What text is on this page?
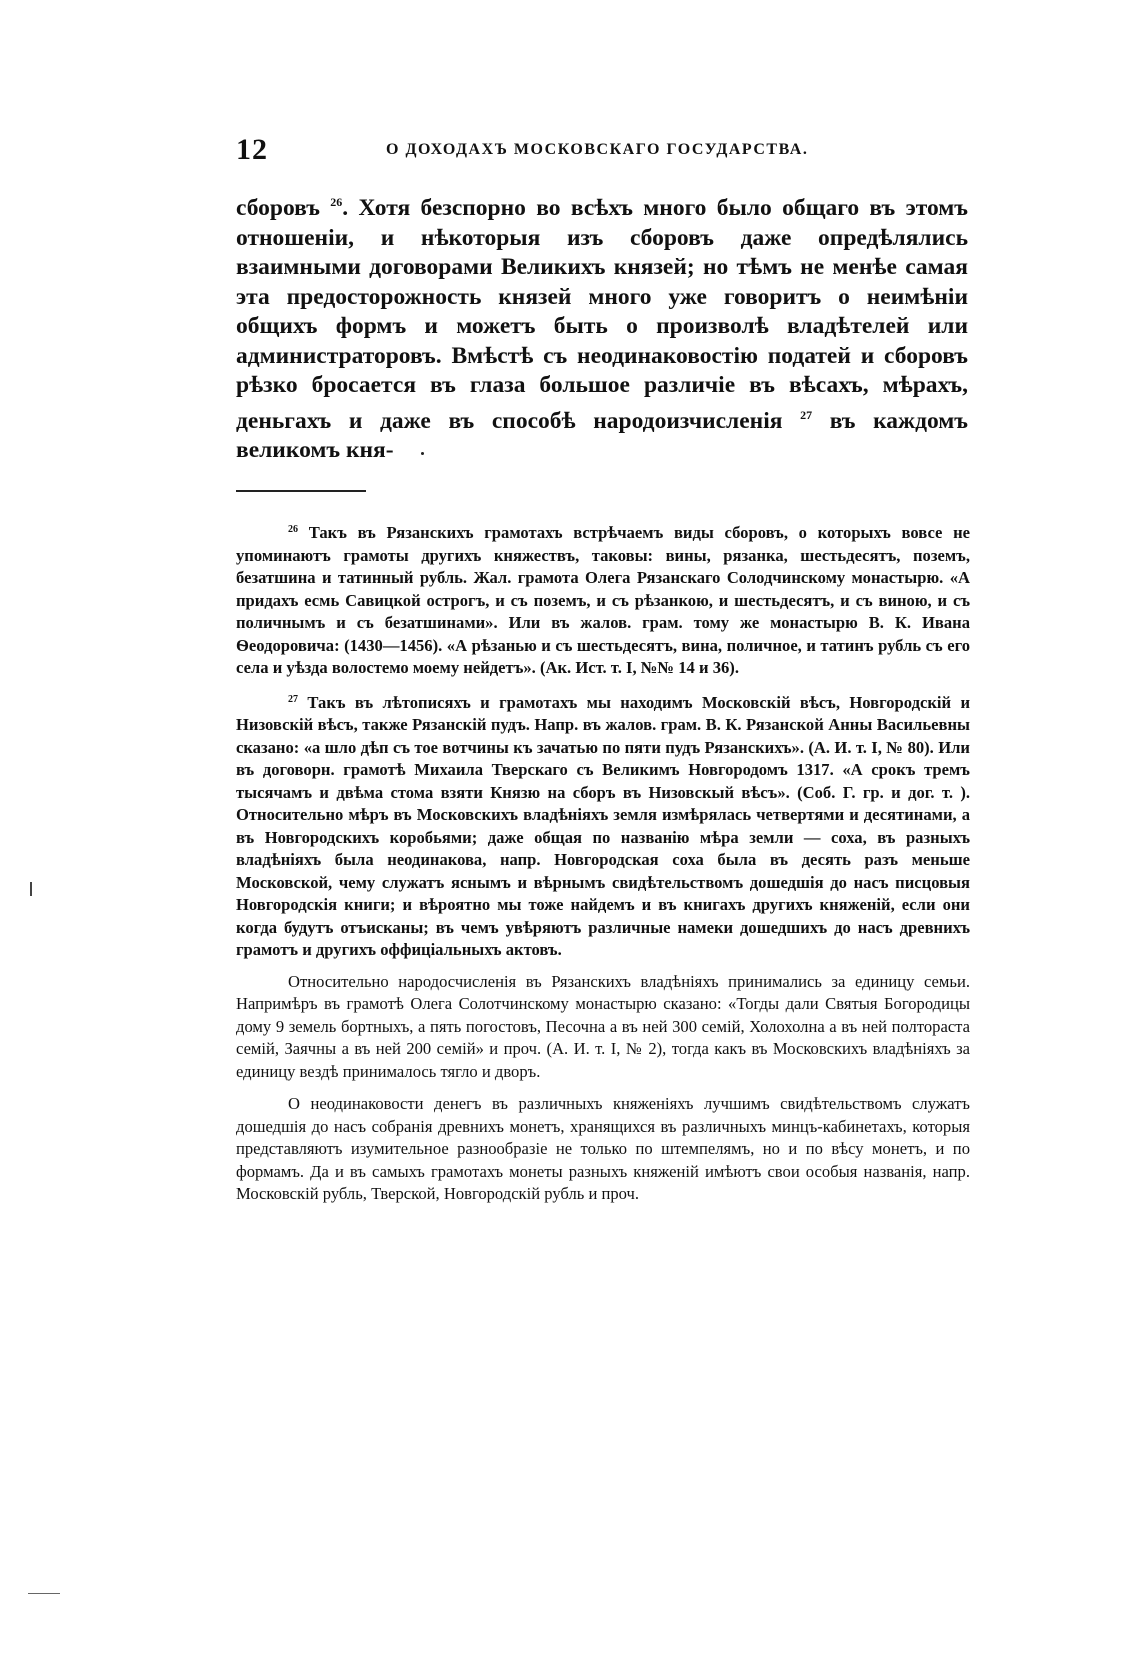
12	О ДОХОДАХЪ МОСКОВСКАГО ГОСУДАРСТВА.

сборовъ $^{26}$. Хотя безспорно во всѣхъ много было общаго въ этомъ отношеніи, и нѣкоторыя изъ сборовъ даже опредѣлялись взаимными договорами Великихъ князей; но тѣмъ не менѣе самая эта предосторожность князей много уже говоритъ о неимѣніи общихъ формъ и можетъ быть о произволѣ владѣтелей или администраторовъ. Вмѣстѣ съ неодинаковостію податей и сборовъ рѣзко бросается въ глаза большое различіе въ вѣсахъ, мѣрахъ, деньгахъ и даже въ способѣ народоизчисленія $^{27}$ въ каждомъ великомъ кня-

$^{26}$ Такъ въ Рязанскихъ грамотахъ встрѣчаемъ виды сборовъ, о которыхъ вовсе не упоминаютъ грамоты другихъ княжествъ, таковы: вины, рязанка, шестьдесятъ, поземъ, безатшина и татинный рубль. Жал. грамота Олега Рязанскаго Солодчинскому монастырю. «А придахъ есмь Савицкой острогъ, и съ поземъ, и съ рѣзанкою, и шестьдесятъ, и съ виною, и съ поличнымъ и съ безатшинами». Или въ жалов. грам. тому же монастырю В. К. Ивана Ѳеодоровича: (1430—1456). «А рѣзанью и съ шестьдесятъ, вина, поличное, и татинъ рубль съ его села и уѣзда волостемо моему нейдетъ». (Ак. Ист. т. I, №№ 14 и 36).

$^{27}$ Такъ въ лѣтописяхъ и грамотахъ мы находимъ Московскій вѣсъ, Новгородскій и Низовскій вѣсъ, также Рязанскій пудъ. Напр. въ жалов. грам. В. К. Рязанской Анны Васильевны сказано: «а шло дѣп съ тое вотчины къ зачатью по пяти пудъ Рязанскихъ». (А. И. т. I, № 80). Или въ договорн. грамотѣ Михаила Тверскаго съ Великимъ Новгородомъ 1317. «А срокъ тремъ тысячамъ и двѣма стома взяти Князю на сборъ въ Низовскый вѣсъ». (Соб. Г. гр. и дог. т. ). Относительно мѣръ въ Московскихъ владѣніяхъ земля измѣрялась четвертями и десятинами, а въ Новгородскихъ коробьями; даже общая по названію мѣра земли — соха, въ разныхъ владѣніяхъ была неодинакова, напр. Новгородская соха была въ десять разъ меньше Московской, чему служатъ яснымъ и вѣрнымъ свидѣтельствомъ дошедшія до насъ писцовыя Новгородскія книги; и вѣроятно мы тоже найдемъ и въ книгахъ другихъ княженій, если они когда будутъ отъисканы; въ чемъ увѣряютъ различные намеки дошедшихъ до насъ древнихъ грамотъ и другихъ оффиціальныхъ актовъ.

Относительно народосчисленія въ Рязанскихъ владѣніяхъ принимались за единицу семьи. Напримѣръ въ грамотѣ Олега Солотчинскому монастырю сказано: «Тогды дали Святыя Богородицы дому 9 земель бортныхъ, а пять погостовъ, Песочна а въ ней 300 семій, Холохолна а въ ней полтораста семій, Заячны а въ ней 200 семій» и проч. (А. И. т. I, № 2), тогда какъ въ Московскихъ владѣніяхъ за единицу вездѣ принималось тягло и дворъ.

О неодинаковости денегъ въ различныхъ княженіяхъ лучшимъ свидѣтельствомъ служатъ дошедшія до насъ собранія древнихъ монетъ, хранящихся въ различныхъ минцъ-кабинетахъ, которыя представляютъ изумительное разнообразіе не только по штемпелямъ, но и по вѣсу монетъ, и по формамъ. Да и въ самыхъ грамотахъ монеты разныхъ княженій имѣютъ свои особыя названія, напр. Московскій рубль, Тверской, Новгородскій рубль и проч.
